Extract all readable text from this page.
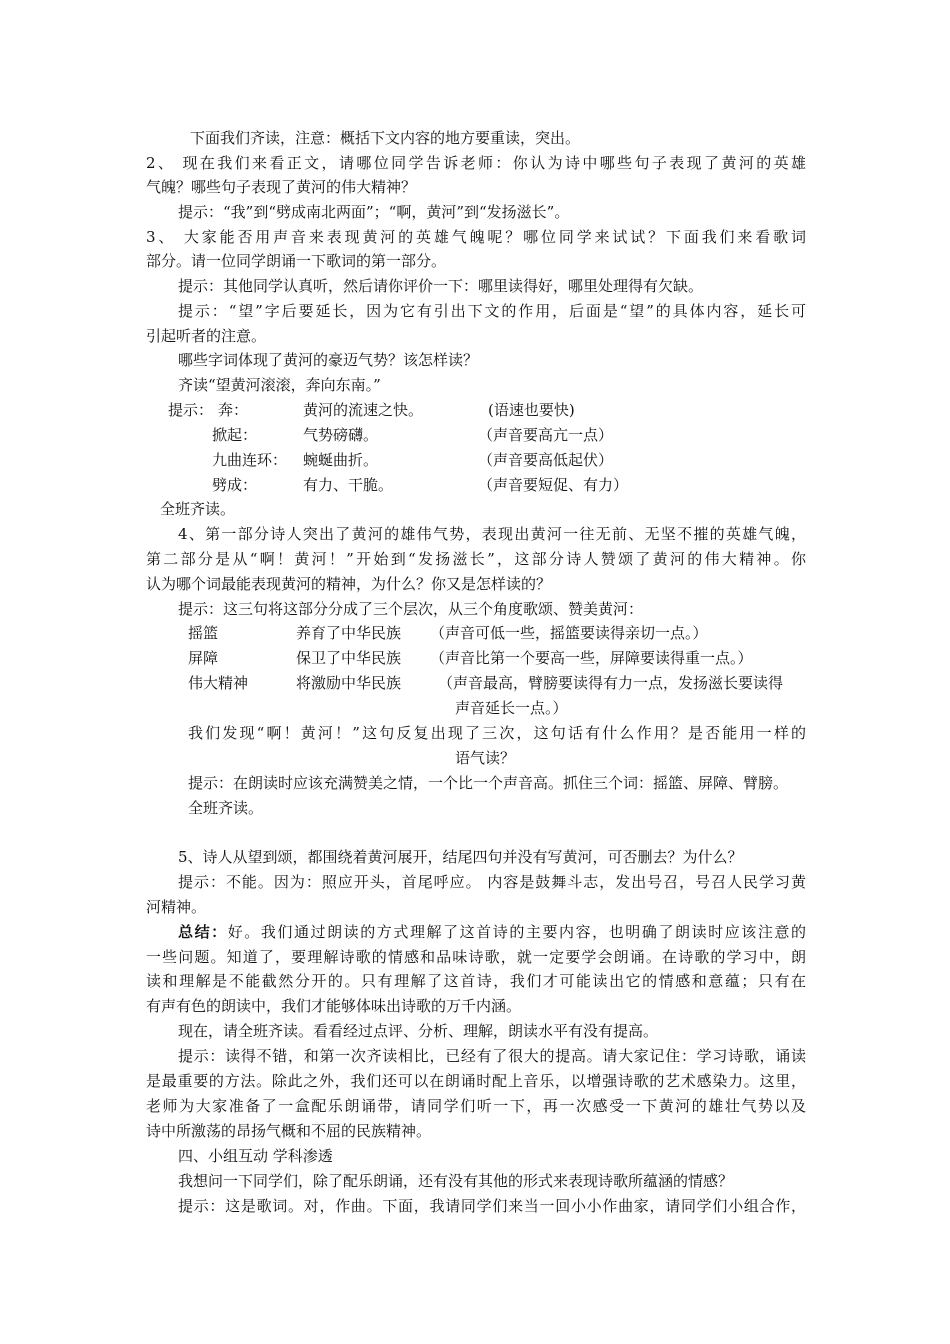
下面我们齐读，注意：概括下文内容的地方要重读，突出。
2、 现在我们来看正文，请哪位同学告诉老师：你认为诗中哪些句子表现了黄河的英雄
气魄？哪些句子表现了黄河的伟大精神？
提示：“我”到“劈成南北两面”；“啊，黄河”到“发扬滋长”。
3、 大家能否用声音来表现黄河的英雄气魄呢？哪位同学来试试？下面我们来看歌词
部分。请一位同学朗诵一下歌词的第一部分。
提示：其他同学认真听，然后请你评价一下：哪里读得好，哪里处理得有欠缺。
提示：“望”字后要延长，因为它有引出下文的作用，后面是“望”的具体内容，延长可
引起听者的注意。
哪些字词体现了黄河的豪迈气势？该怎样读？
齐读“望黄河滚滚，奔向东南。”
提示： 奔：	黄河的流速之快。	(语速也要快)
掀起：	气势磅礴。	（声音要高亢一点）
九曲连环： 蜿蜒曲折。	（声音要高低起伏）
劈成：	有力、干脆。	（声音要短促、有力）
全班齐读。
4、第一部分诗人突出了黄河的雄伟气势，表现出黄河一往无前、无坚不摧的英雄气魄，
第二部分是从“啊！黄河！”开始到“发扬滋长”，这部分诗人赞颂了黄河的伟大精神。你
认为哪个词最能表现黄河的精神，为什么？你又是怎样读的？
提示：这三句将这部分分成了三个层次，从三个角度歌颂、赞美黄河：
摇篮	养育了中华民族 （声音可低一些，摇篮要读得亲切一点。）
屏障	保卫了中华民族 （声音比第一个要高一些，屏障要读得重一点。）
伟大精神	将激励中华民族 （声音最高，臂膀要读得有力一点，发扬滋长要读得
声音延长一点。）
我们发现“啊！黄河！”这句反复出现了三次，这句话有什么作用？是否能用一样的
语气读？
提示：在朗读时应该充满赞美之情，一个比一个声音高。抓住三个词：摇篮、屏障、臂膀。
全班齐读。
5、诗人从望到颂，都围绕着黄河展开，结尾四句并没有写黄河，可否删去？为什么？
提示：不能。因为：照应开头，首尾呼应。 内容是鼓舞斗志，发出号召，号召人民学习黄
河精神。
总结：好。我们通过朗读的方式理解了这首诗的主要内容，也明确了朗读时应该注意的
一些问题。知道了，要理解诗歌的情感和品味诗歌，就一定要学会朗诵。在诗歌的学习中，朗
读和理解是不能截然分开的。只有理解了这首诗，我们才可能读出它的情感和意蕴；只有在
有声有色的朗读中，我们才能够体味出诗歌的万千内涵。
现在，请全班齐读。看看经过点评、分析、理解，朗读水平有没有提高。
提示：读得不错，和第一次齐读相比，已经有了很大的提高。请大家记住：学习诗歌，诵读
是最重要的方法。除此之外，我们还可以在朗诵时配上音乐，以增强诗歌的艺术感染力。这里，
老师为大家准备了一盒配乐朗诵带，请同学们听一下，再一次感受一下黄河的雄壮气势以及
诗中所激荡的昂扬气概和不屈的民族精神。
四、小组互动 学科渗透
我想问一下同学们，除了配乐朗诵，还有没有其他的形式来表现诗歌所蕴涵的情感？
提示：这是歌词。对，作曲。下面，我请同学们来当一回小小作曲家，请同学们小组合作，
